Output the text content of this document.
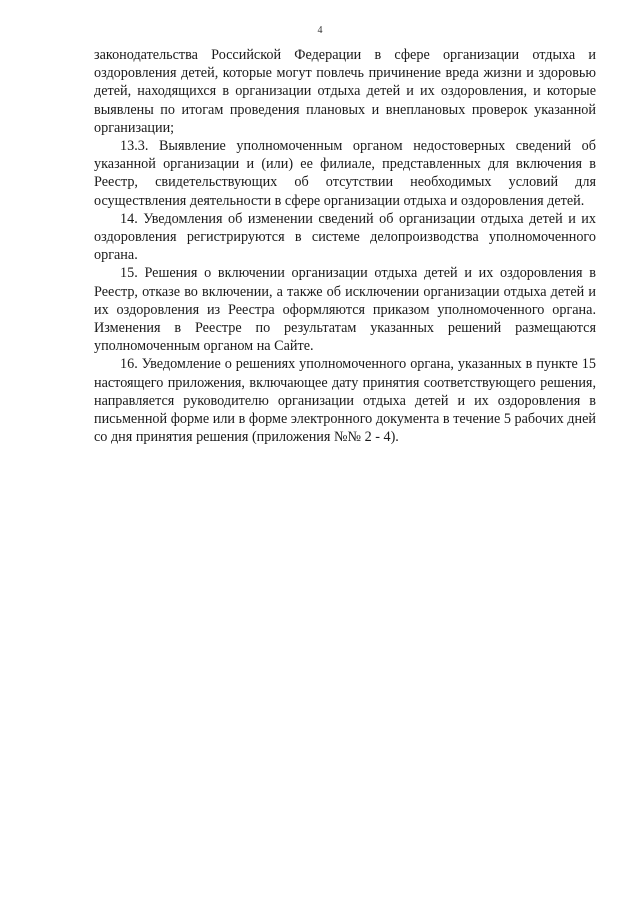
4

законодательства Российской Федерации в сфере организации отдыха и оздоровления детей, которые могут повлечь причинение вреда жизни и здоровью детей, находящихся в организации отдыха детей и их оздоровления, и которые выявлены по итогам проведения плановых и внеплановых проверок указанной организации;

13.3. Выявление уполномоченным органом недостоверных сведений об указанной организации и (или) ее филиале, представленных для включения в Реестр, свидетельствующих об отсутствии необходимых условий для осуществления деятельности в сфере организации отдыха и оздоровления детей.

14. Уведомления об изменении сведений об организации отдыха детей и их оздоровления регистрируются в системе делопроизводства уполномоченного органа.

15. Решения о включении организации отдыха детей и их оздоровления в Реестр, отказе во включении, а также об исключении организации отдыха детей и их оздоровления из Реестра оформляются приказом уполномоченного органа. Изменения в Реестре по результатам указанных решений размещаются уполномоченным органом на Сайте.

16. Уведомление о решениях уполномоченного органа, указанных в пункте 15 настоящего приложения, включающее дату принятия соответствующего решения, направляется руководителю организации отдыха детей и их оздоровления в письменной форме или в форме электронного документа в течение 5 рабочих дней со дня принятия решения (приложения №№ 2 - 4).
